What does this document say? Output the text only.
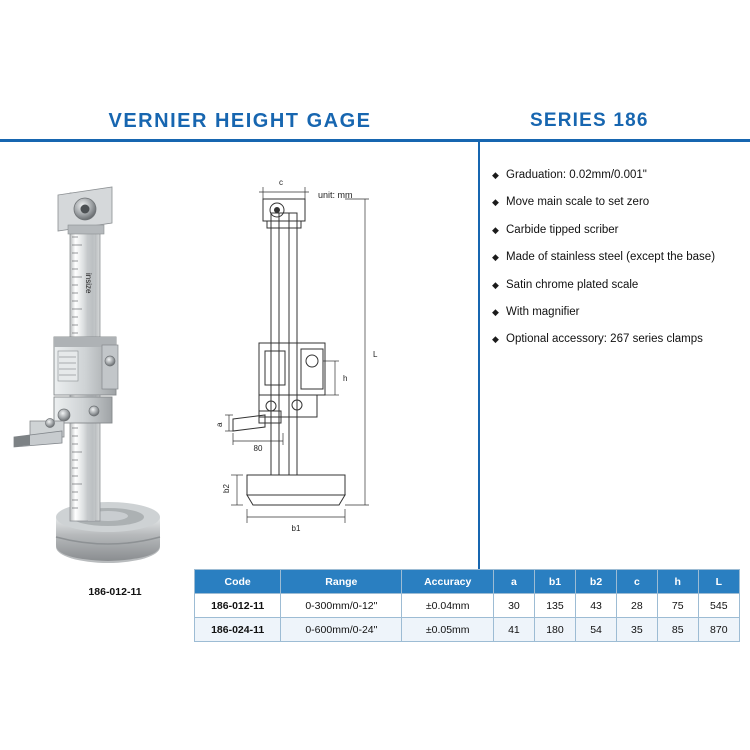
VERNIER HEIGHT GAGE	SERIES 186
◆ Graduation: 0.02mm/0.001"
◆ Move main scale to set zero
◆ Carbide tipped scriber
◆ Made of stainless steel (except the base)
◆ Satin chrome plated scale
◆ With magnifier
◆ Optional accessory: 267 series clamps
insize
186-012-11
unit: mm
c
L
h
a
80
b2
b1
Code	Range	Accuracy	a	b1	b2	c	h	L
186-012-11	0-300mm/0-12"	±0.04mm	30	135	43	28	75	545
186-024-11	0-600mm/0-24"	±0.05mm	41	180	54	35	85	870
